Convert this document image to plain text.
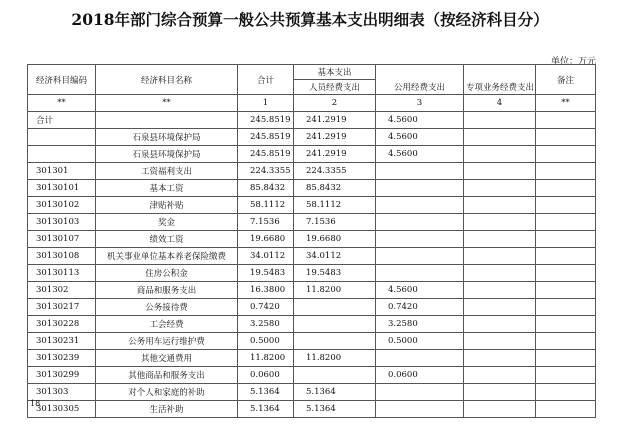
2018年部门综合预算一般公共预算基本支出明细表（按经济科目分）
单位：万元
经济科目编码	经济科目名称	合计	基本支出			备注
			人员经费支出	公用经费支出	专项业务经费支出	
**	**	1	2	3	4	**
合计		245.8519	241.2919	4.5600		
	石泉县环境保护局	245.8519	241.2919	4.5600		
	石泉县环境保护局	245.8519	241.2919	4.5600		
301301	工资福利支出	224.3355	224.3355			
30130101	基本工资	85.8432	85.8432			
30130102	津贴补贴	58.1112	58.1112			
30130103	奖金	7.1536	7.1536			
30130107	绩效工资	19.6680	19.6680			
30130108	机关事业单位基本养老保险缴费	34.0112	34.0112			
30130113	住房公积金	19.5483	19.5483			
301302	商品和服务支出	16.3800	11.8200	4.5600		
30130217	公务接待费	0.7420		0.7420		
30130228	工会经费	3.2580		3.2580		
30130231	公务用车运行维护费	0.5000		0.5000		
30130239	其他交通费用	11.8200	11.8200			
30130299	其他商品和服务支出	0.0600		0.0600		
301303	对个人和家庭的补助	5.1364	5.1364			
30130305	生活补助	5.1364	5.1364			
18
